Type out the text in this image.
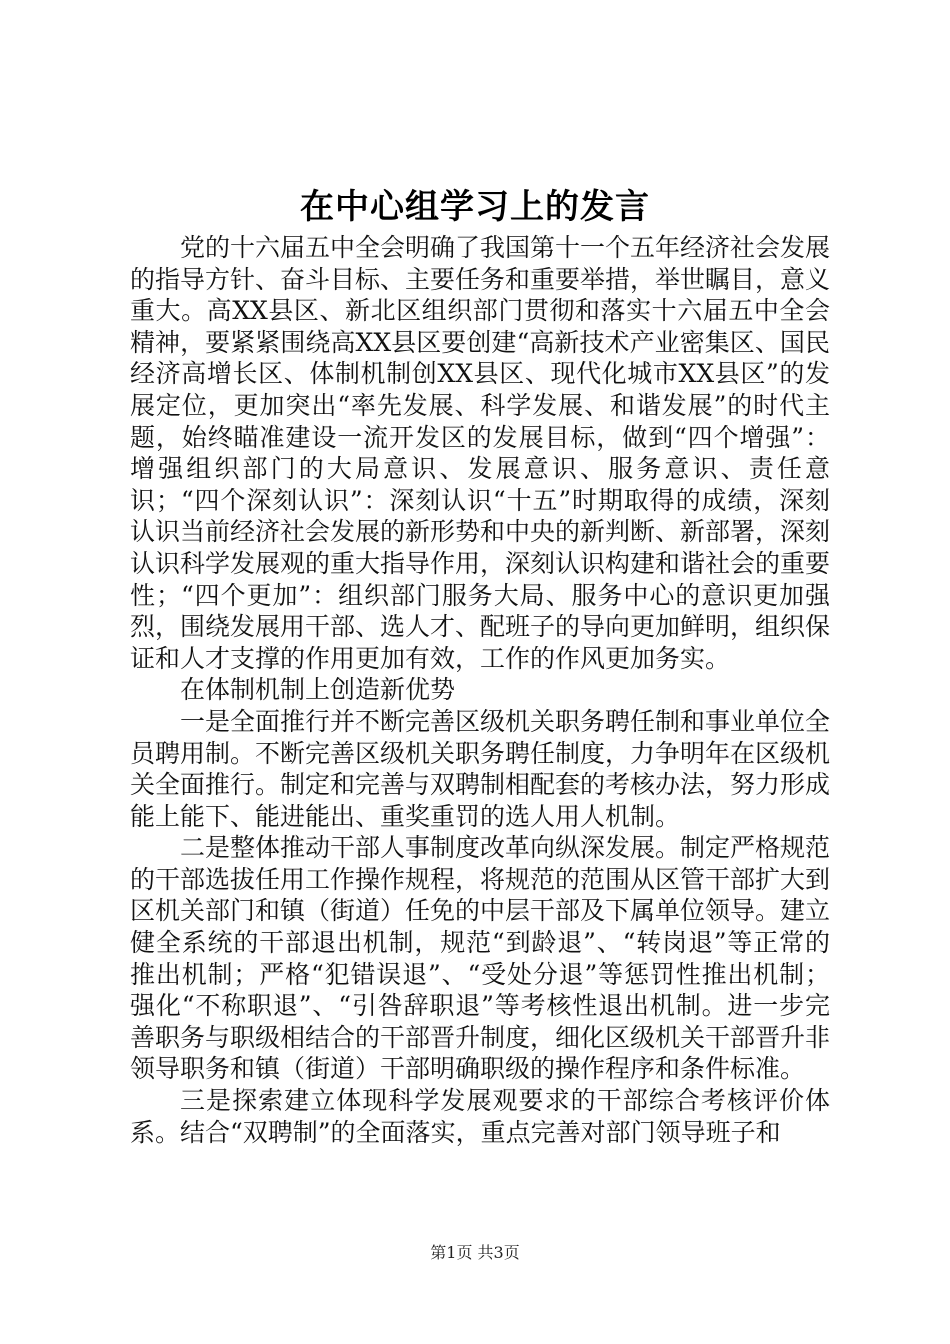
在中心组学习上的发言

党的十六届五中全会明确了我国第十一个五年经济社会发展的指导方针、奋斗目标、主要任务和重要举措，举世瞩目，意义重大。高XX县区、新北区组织部门贯彻和落实十六届五中全会精神，要紧紧围绕高XX县区要创建“高新技术产业密集区、国民经济高增长区、体制机制创XX县区、现代化城市XX县区”的发展定位，更加突出“率先发展、科学发展、和谐发展”的时代主题，始终瞄准建设一流开发区的发展目标，做到“四个增强”：增强组织部门的大局意识、发展意识、服务意识、责任意识；“四个深刻认识”：深刻认识“十五”时期取得的成绩，深刻认识当前经济社会发展的新形势和中央的新判断、新部署，深刻认识科学发展观的重大指导作用，深刻认识构建和谐社会的重要性；“四个更加”：组织部门服务大局、服务中心的意识更加强烈，围绕发展用干部、选人才、配班子的导向更加鲜明，组织保证和人才支撑的作用更加有效，工作的作风更加务实。

在体制机制上创造新优势

一是全面推行并不断完善区级机关职务聘任制和事业单位全员聘用制。不断完善区级机关职务聘任制度，力争明年在区级机关全面推行。制定和完善与双聘制相配套的考核办法，努力形成能上能下、能进能出、重奖重罚的选人用人机制。

二是整体推动干部人事制度改革向纵深发展。制定严格规范的干部选拔任用工作操作规程，将规范的范围从区管干部扩大到区机关部门和镇（街道）任免的中层干部及下属单位领导。建立健全系统的干部退出机制，规范“到龄退”、“转岗退”等正常的推出机制；严格“犯错误退”、“受处分退”等惩罚性推出机制；强化“不称职退”、“引咎辞职退”等考核性退出机制。进一步完善职务与职级相结合的干部晋升制度，细化区级机关干部晋升非领导职务和镇（街道）干部明确职级的操作程序和条件标准。

三是探索建立体现科学发展观要求的干部综合考核评价体系。结合“双聘制”的全面落实，重点完善对部门领导班子和

第1页 共3页
